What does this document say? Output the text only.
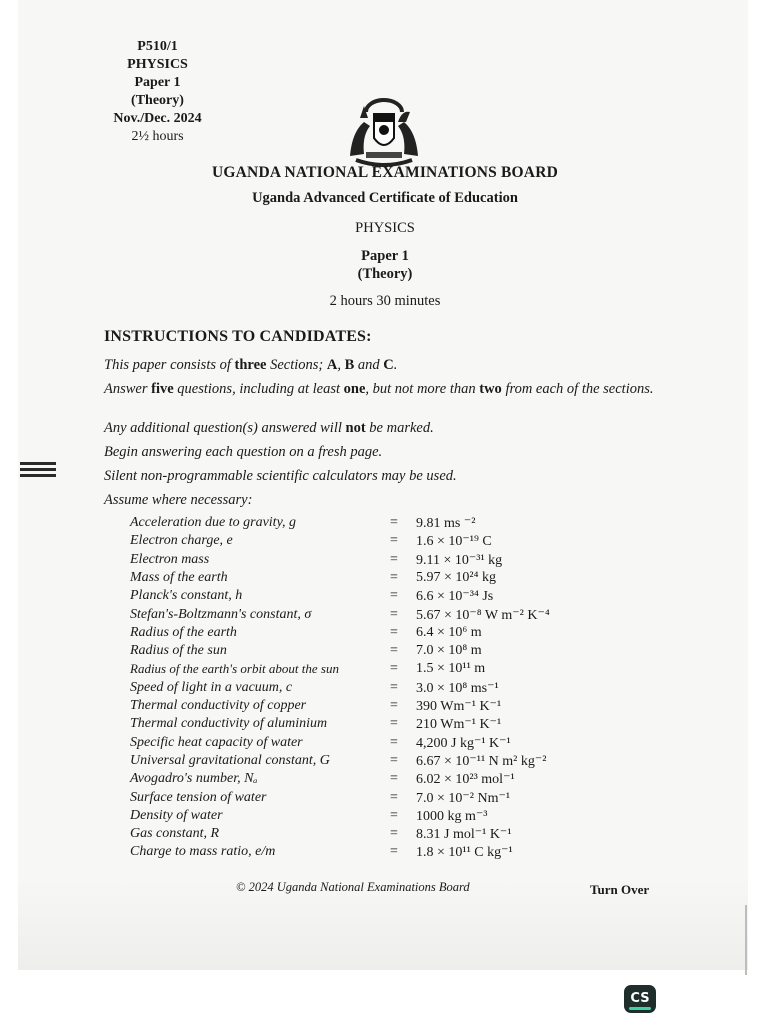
P510/1
PHYSICS
Paper 1
(Theory)
Nov./Dec. 2024
2½ hours
UGANDA NATIONAL EXAMINATIONS BOARD
Uganda Advanced Certificate of Education
PHYSICS
Paper 1
(Theory)
2 hours 30 minutes
INSTRUCTIONS TO CANDIDATES:
This paper consists of three Sections; A, B and C.
Answer five questions, including at least one, but not more than two from each of the sections.
Any additional question(s) answered will not be marked.
Begin answering each question on a fresh page.
Silent non-programmable scientific calculators may be used.
Assume where necessary:
Acceleration due to gravity, g	= 9.81 ms ⁻²
Electron charge, e	= 1.6 × 10⁻¹⁹ C
Electron mass	= 9.11 × 10⁻³¹ kg
Mass of the earth	= 5.97 × 10²⁴ kg
Planck's constant, h	= 6.6 × 10⁻³⁴ Js
Stefan's-Boltzmann's constant, σ	= 5.67 × 10⁻⁸ W m⁻² K⁻⁴
Radius of the earth	= 6.4 × 10⁶ m
Radius of the sun	= 7.0 × 10⁸ m
Radius of the earth's orbit about the sun	= 1.5 × 10¹¹ m
Speed of light in a vacuum, c	= 3.0 × 10⁸ ms⁻¹
Thermal conductivity of copper	= 390 Wm⁻¹ K⁻¹
Thermal conductivity of aluminium	= 210 Wm⁻¹ K⁻¹
Specific heat capacity of water	= 4,200 J kg⁻¹ K⁻¹
Universal gravitational constant, G	= 6.67 × 10⁻¹¹ N m² kg⁻²
Avogadro's number, Nₐ	= 6.02 × 10²³ mol⁻¹
Surface tension of water	= 7.0 × 10⁻² Nm⁻¹
Density of water	= 1000 kg m⁻³
Gas constant, R	= 8.31 J mol⁻¹ K⁻¹
Charge to mass ratio, e/m	= 1.8 × 10¹¹ C kg⁻¹
© 2024 Uganda National Examinations Board	Turn Over
CS
